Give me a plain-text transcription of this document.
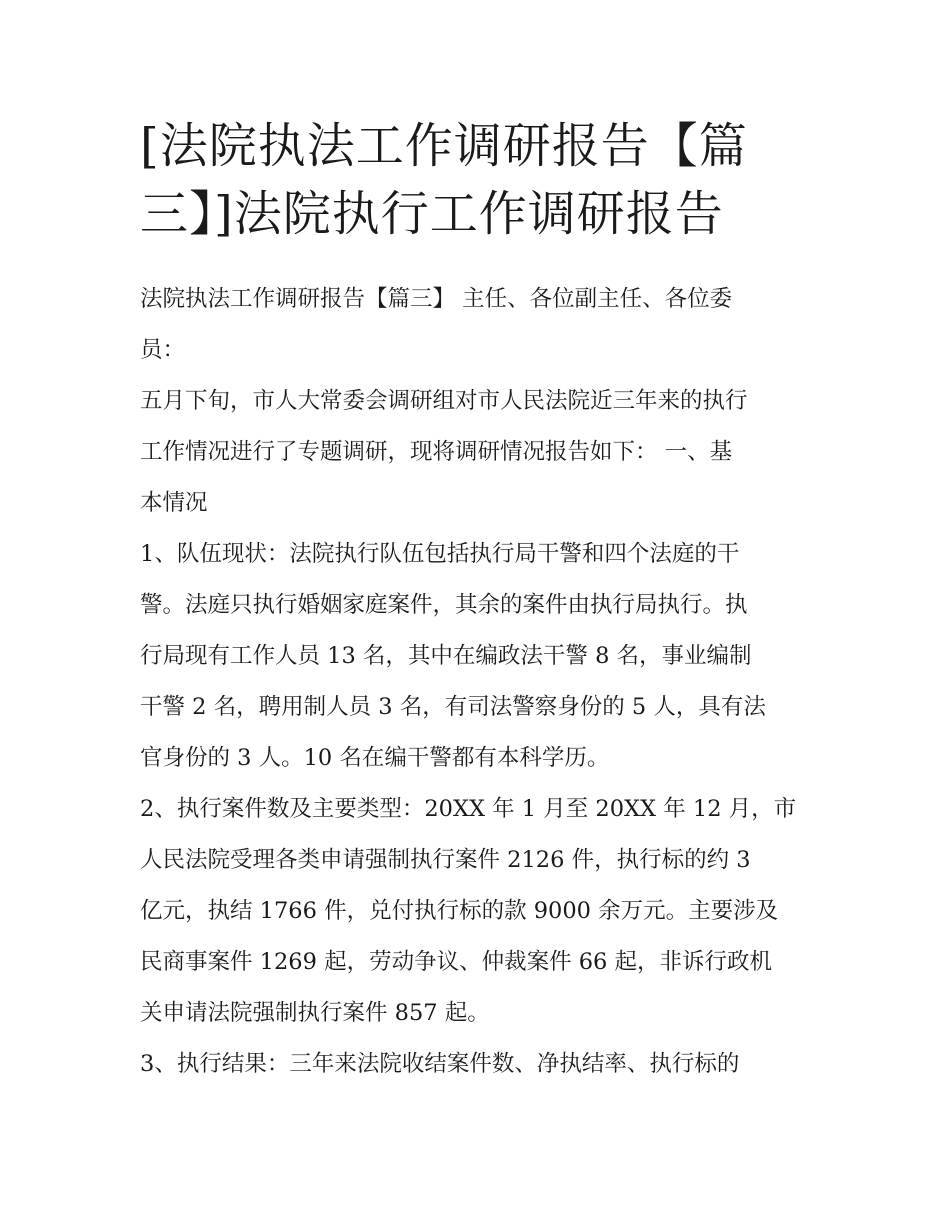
[法院执法工作调研报告【篇
三】]法院执行工作调研报告
法院执法工作调研报告【篇三】 主任、各位副主任、各位委
员：
五月下旬，市人大常委会调研组对市人民法院近三年来的执行
工作情况进行了专题调研，现将调研情况报告如下： 一、基
本情况
1、队伍现状：法院执行队伍包括执行局干警和四个法庭的干
警。法庭只执行婚姻家庭案件，其余的案件由执行局执行。执
行局现有工作人员 13 名，其中在编政法干警 8 名，事业编制
干警 2 名，聘用制人员 3 名，有司法警察身份的 5 人，具有法
官身份的 3 人。10 名在编干警都有本科学历。
2、执行案件数及主要类型：20XX 年 1 月至 20XX 年 12 月，市
人民法院受理各类申请强制执行案件 2126 件，执行标的约 3
亿元，执结 1766 件，兑付执行标的款 9000 余万元。主要涉及
民商事案件 1269 起，劳动争议、仲裁案件 66 起，非诉行政机
关申请法院强制执行案件 857 起。
3、执行结果：三年来法院收结案件数、净执结率、执行标的
